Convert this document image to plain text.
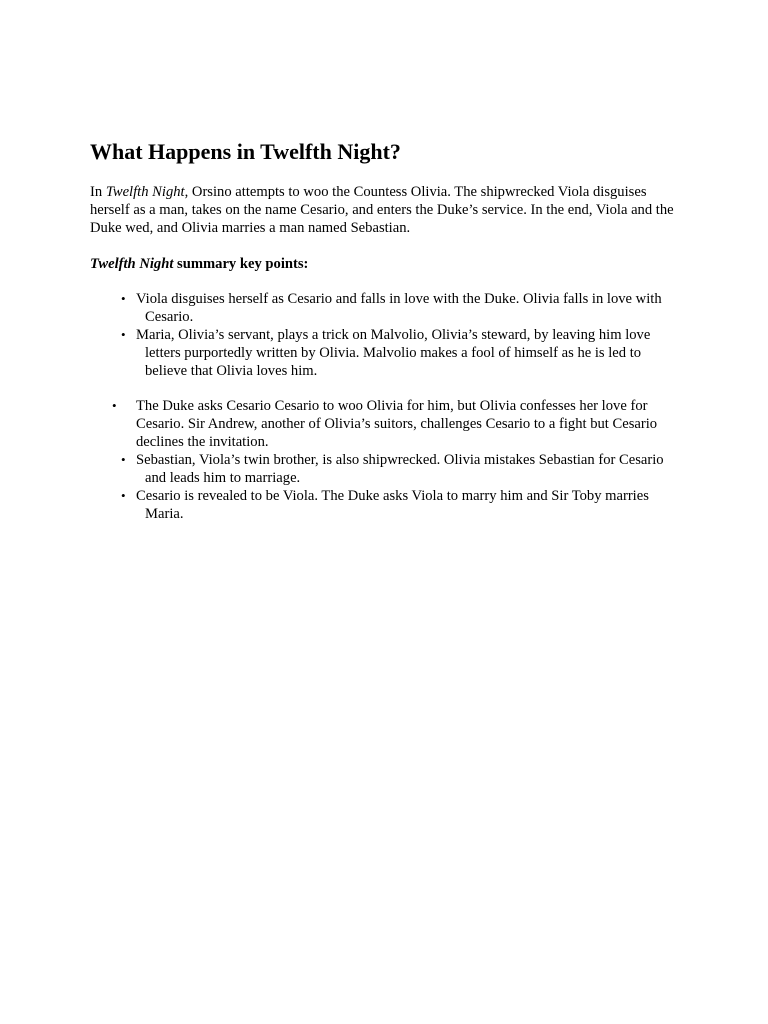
What Happens in Twelfth Night?

In Twelfth Night, Orsino attempts to woo the Countess Olivia. The shipwrecked Viola disguises herself as a man, takes on the name Cesario, and enters the Duke’s service. In the end, Viola and the Duke wed, and Olivia marries a man named Sebastian.

Twelfth Night summary key points:

• Viola disguises herself as Cesario and falls in love with the Duke. Olivia falls in love with Cesario.
• Maria, Olivia’s servant, plays a trick on Malvolio, Olivia’s steward, by leaving him love letters purportedly written by Olivia. Malvolio makes a fool of himself as he is led to believe that Olivia loves him.
• The Duke asks Cesario Cesario to woo Olivia for him, but Olivia confesses her love for Cesario. Sir Andrew, another of Olivia’s suitors, challenges Cesario to a fight but Cesario declines the invitation.
• Sebastian, Viola’s twin brother, is also shipwrecked. Olivia mistakes Sebastian for Cesario and leads him to marriage.
• Cesario is revealed to be Viola. The Duke asks Viola to marry him and Sir Toby marries Maria.
